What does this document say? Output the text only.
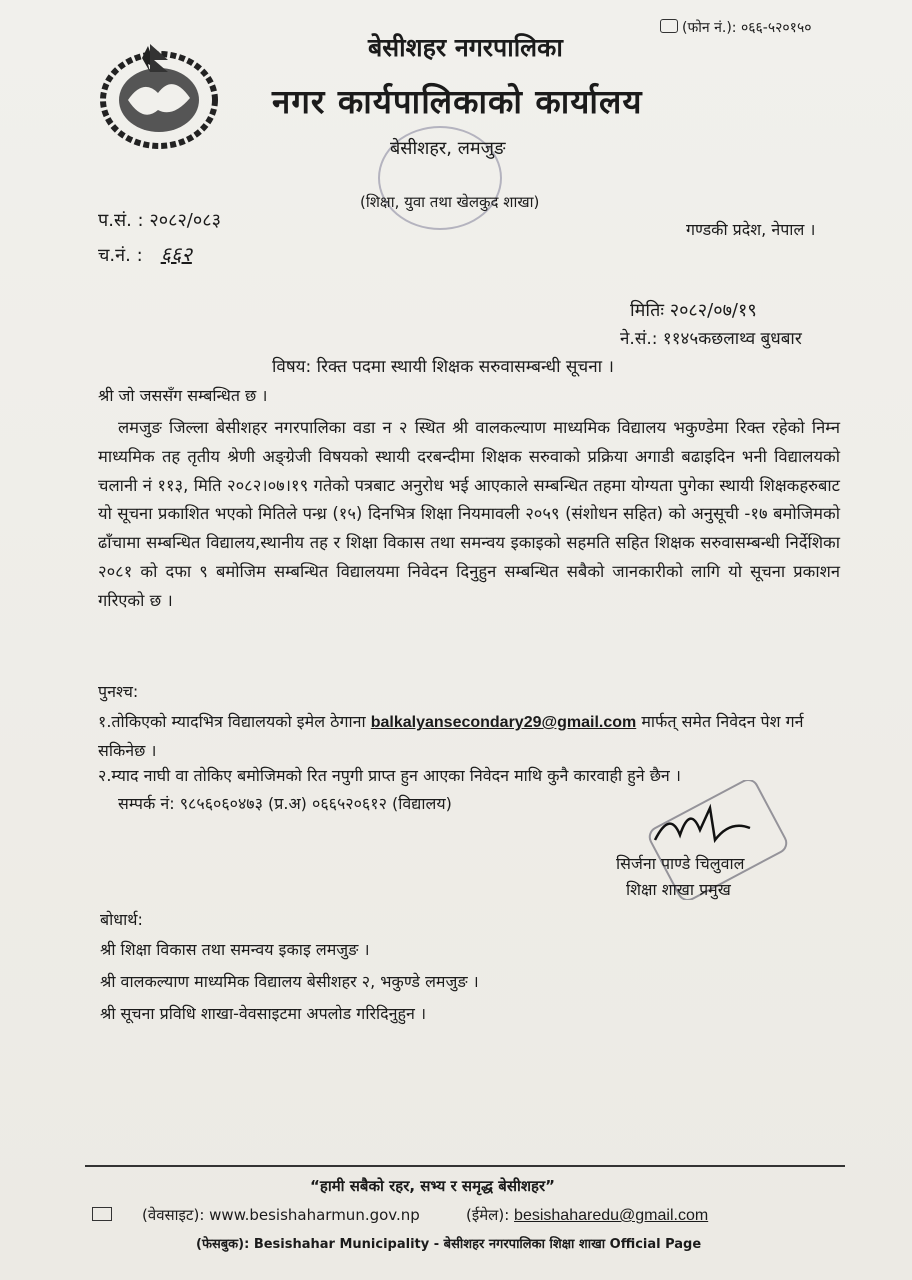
(फोन नं.): ०६६-५२०१५०
बेसीशहर नगरपालिका
नगर कार्यपालिकाको कार्यालय
बेसीशहर, लमजुङ
(शिक्षा, युवा तथा खेलकुद शाखा)
प.सं. : २०८२/०८३
च.नं. : ६६२
गण्डकी प्रदेश, नेपाल ।
मितिः २०८२/०७/१९
ने.सं.: ११४५कछलाथ्व बुधबार
विषय: रिक्त पदमा स्थायी शिक्षक सरुवासम्बन्धी सूचना ।
श्री जो जससँग सम्बन्धित छ ।
लमजुङ जिल्ला बेसीशहर नगरपालिका वडा न २ स्थित श्री वालकल्याण माध्यमिक विद्यालय भकुण्डेमा रिक्त रहेको निम्न माध्यमिक तह तृतीय श्रेणी अङ्ग्रेजी विषयको स्थायी दरबन्दीमा शिक्षक सरुवाको प्रक्रिया अगाडी बढाइदिन भनी विद्यालयको चलानी नं ११३, मिति २०८२।०७।१९ गतेको पत्रबाट अनुरोध भई आएकाले सम्बन्धित तहमा योग्यता पुगेका स्थायी शिक्षकहरुबाट यो सूचना प्रकाशित भएको मितिले पन्ध्र (१५) दिनभित्र शिक्षा नियमावली २०५९ (संशोधन सहित) को अनुसूची -१७ बमोजिमको ढाँचामा सम्बन्धित विद्यालय,स्थानीय तह र शिक्षा विकास तथा समन्वय इकाइको सहमति सहित शिक्षक सरुवासम्बन्धी निर्देशिका २०८१ को दफा ९ बमोजिम सम्बन्धित विद्यालयमा निवेदन दिनुहुन सम्बन्धित सबैको जानकारीको लागि यो सूचना प्रकाशन गरिएको छ ।
पुनश्च:
१.तोकिएको म्यादभित्र विद्यालयको इमेल ठेगाना balkalyansecondary29@gmail.com मार्फत् समेत निवेदन पेश गर्न सकिनेछ ।
२.म्याद नाघी वा तोकिए बमोजिमको रित नपुगी प्राप्त हुन आएका निवेदन माथि कुनै कारवाही हुने छैन ।
सम्पर्क नं: ९८५६०६०४७३ (प्र.अ) ०६६५२०६१२ (विद्यालय)
सिर्जना पाण्डे चिलुवाल
शिक्षा शाखा प्रमुख
बोधार्थ:
श्री शिक्षा विकास तथा समन्वय इकाइ लमजुङ ।
श्री वालकल्याण माध्यमिक विद्यालय बेसीशहर २, भकुण्डे लमजुङ ।
श्री सूचना प्रविधि शाखा-वेवसाइटमा अपलोड गरिदिनुहुन ।
“हामी सबैको रहर, सभ्य र समृद्ध बेसीशहर”
(वेवसाइट): www.besishaharmun.gov.np	(ईमेल): besishaharedu@gmail.com
(फेसबुक): Besishahar Municipality - बेसीशहर नगरपालिका शिक्षा शाखा Official Page
